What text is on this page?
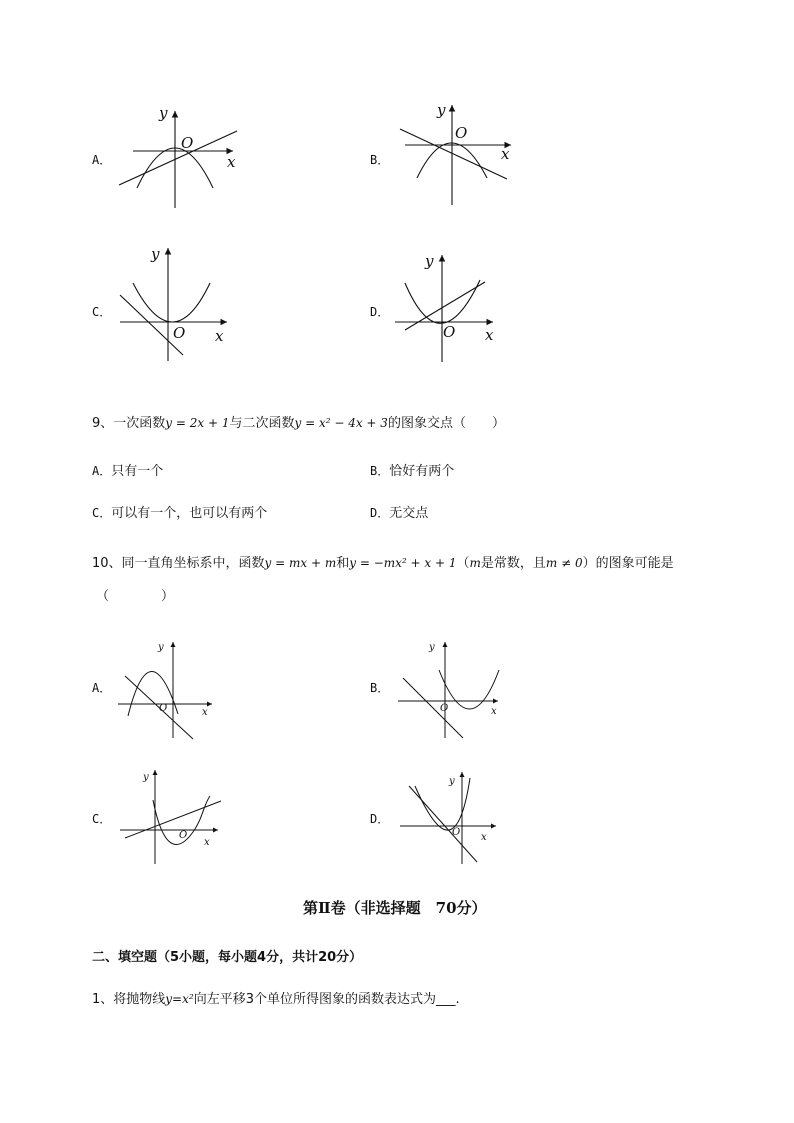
A．
y
O
x	B．
y
O
x
C．
y
O x
D．
y
O x
9、一次函数y = 2x + 1与二次函数y = x² − 4x + 3的图象交点（　　）
A．只有一个	B．恰好有两个
C．可以有一个，也可以有两个	D．无交点
10、同一直角坐标系中，函数y = mx + m和y = −mx² + x + 1（m是常数，且m ≠ 0）的图象可能是
（　　　　）
A．
y
O	x
B．
y
O	x
C．
y
O
x
D．
y
O x
第Ⅱ卷（非选择题　70分）
二、填空题（5小题，每小题4分，共计20分）
1、将抛物线y=x²向左平移3个单位所得图象的函数表达式为___.
